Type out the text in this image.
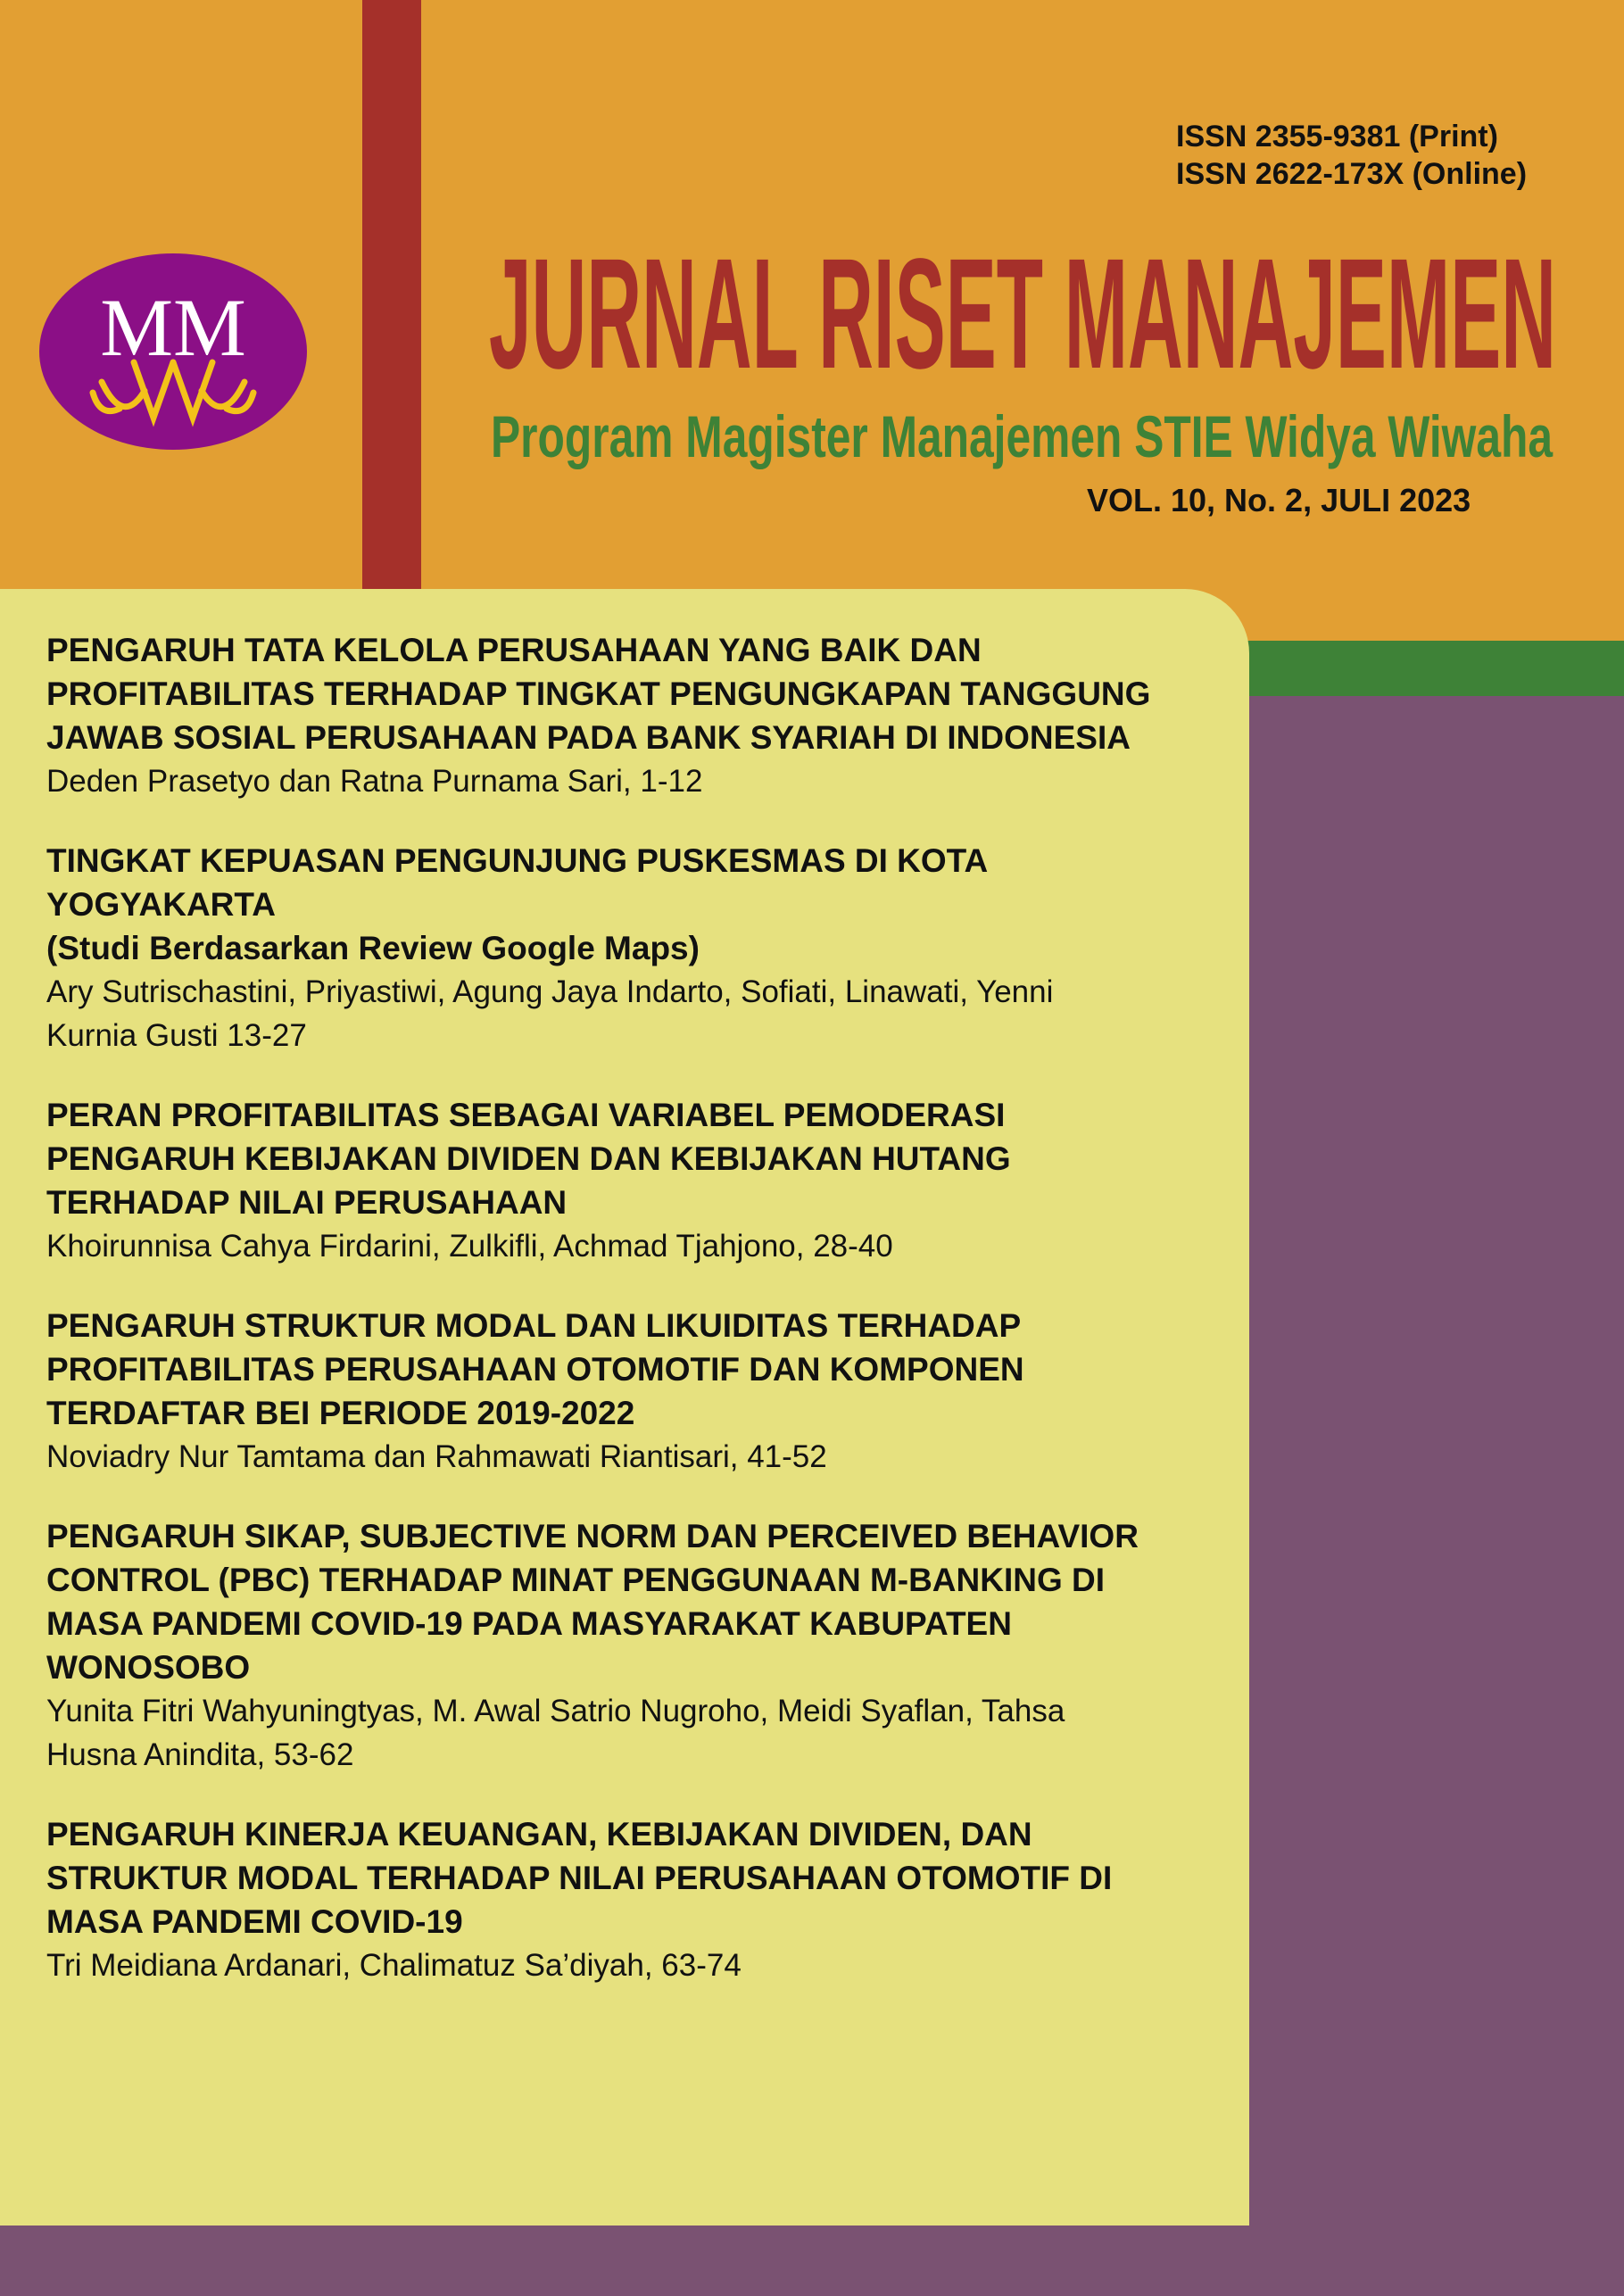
MM
ISSN 2355-9381 (Print)
ISSN 2622-173X (Online)
JURNAL RISET MANAJEMEN
Program Magister Manajemen STIE Widya Wiwaha
VOL. 10, No. 2, JULI 2023
PENGARUH TATA KELOLA PERUSAHAAN YANG BAIK DAN
PROFITABILITAS TERHADAP TINGKAT PENGUNGKAPAN TANGGUNG
JAWAB SOSIAL PERUSAHAAN PADA BANK SYARIAH DI INDONESIA
Deden Prasetyo dan Ratna Purnama Sari, 1-12
TINGKAT KEPUASAN PENGUNJUNG PUSKESMAS DI KOTA
YOGYAKARTA
(Studi Berdasarkan Review Google Maps)
Ary Sutrischastini, Priyastiwi, Agung Jaya Indarto, Sofiati, Linawati, Yenni
Kurnia Gusti 13-27
PERAN PROFITABILITAS SEBAGAI VARIABEL PEMODERASI
PENGARUH KEBIJAKAN DIVIDEN DAN KEBIJAKAN HUTANG
TERHADAP NILAI PERUSAHAAN
Khoirunnisa Cahya Firdarini, Zulkifli, Achmad Tjahjono, 28-40
PENGARUH STRUKTUR MODAL DAN LIKUIDITAS TERHADAP
PROFITABILITAS PERUSAHAAN OTOMOTIF DAN KOMPONEN
TERDAFTAR BEI PERIODE 2019-2022
Noviadry Nur Tamtama dan Rahmawati Riantisari, 41-52
PENGARUH SIKAP, SUBJECTIVE NORM DAN PERCEIVED BEHAVIOR
CONTROL (PBC) TERHADAP MINAT PENGGUNAAN M-BANKING DI
MASA PANDEMI COVID-19 PADA MASYARAKAT KABUPATEN
WONOSOBO
Yunita Fitri Wahyuningtyas, M. Awal Satrio Nugroho, Meidi Syaflan, Tahsa
Husna Anindita, 53-62
PENGARUH KINERJA KEUANGAN, KEBIJAKAN DIVIDEN, DAN
STRUKTUR MODAL TERHADAP NILAI PERUSAHAAN OTOMOTIF DI
MASA PANDEMI COVID-19
Tri Meidiana Ardanari, Chalimatuz Sa’diyah, 63-74
